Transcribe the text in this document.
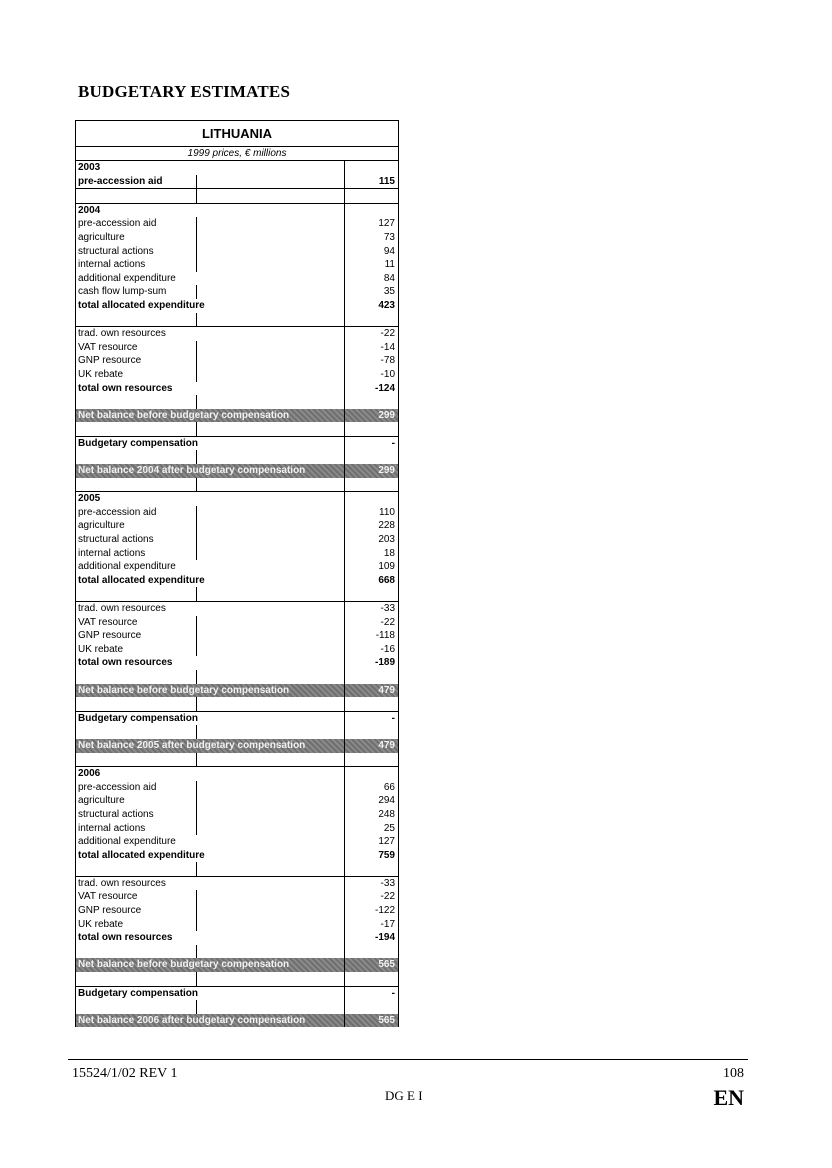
BUDGETARY ESTIMATES
LITHUANIA
1999 prices, € millions
2003
pre-accession aid	115
2004
pre-accession aid	127
agriculture	73
structural actions	94
internal actions	11
additional expenditure	84
cash flow lump-sum	35
total allocated expenditure	423
trad. own resources	-22
VAT resource	-14
GNP resource	-78
UK rebate	-10
total own resources	-124
Net balance before budgetary compensation	299
Budgetary compensation	-
Net balance 2004 after budgetary compensation	299
2005
pre-accession aid	110
agriculture	228
structural actions	203
internal actions	18
additional expenditure	109
total allocated expenditure	668
trad. own resources	-33
VAT resource	-22
GNP resource	-118
UK rebate	-16
total own resources	-189
Net balance before budgetary compensation	479
Budgetary compensation	-
Net balance 2005 after budgetary compensation	479
2006
pre-accession aid	66
agriculture	294
structural actions	248
internal actions	25
additional expenditure	127
total allocated expenditure	759
trad. own resources	-33
VAT resource	-22
GNP resource	-122
UK rebate	-17
total own resources	-194
Net balance before budgetary compensation	565
Budgetary compensation	-
Net balance 2006 after budgetary compensation	565
15524/1/02 REV 1	108
DG E I	EN
